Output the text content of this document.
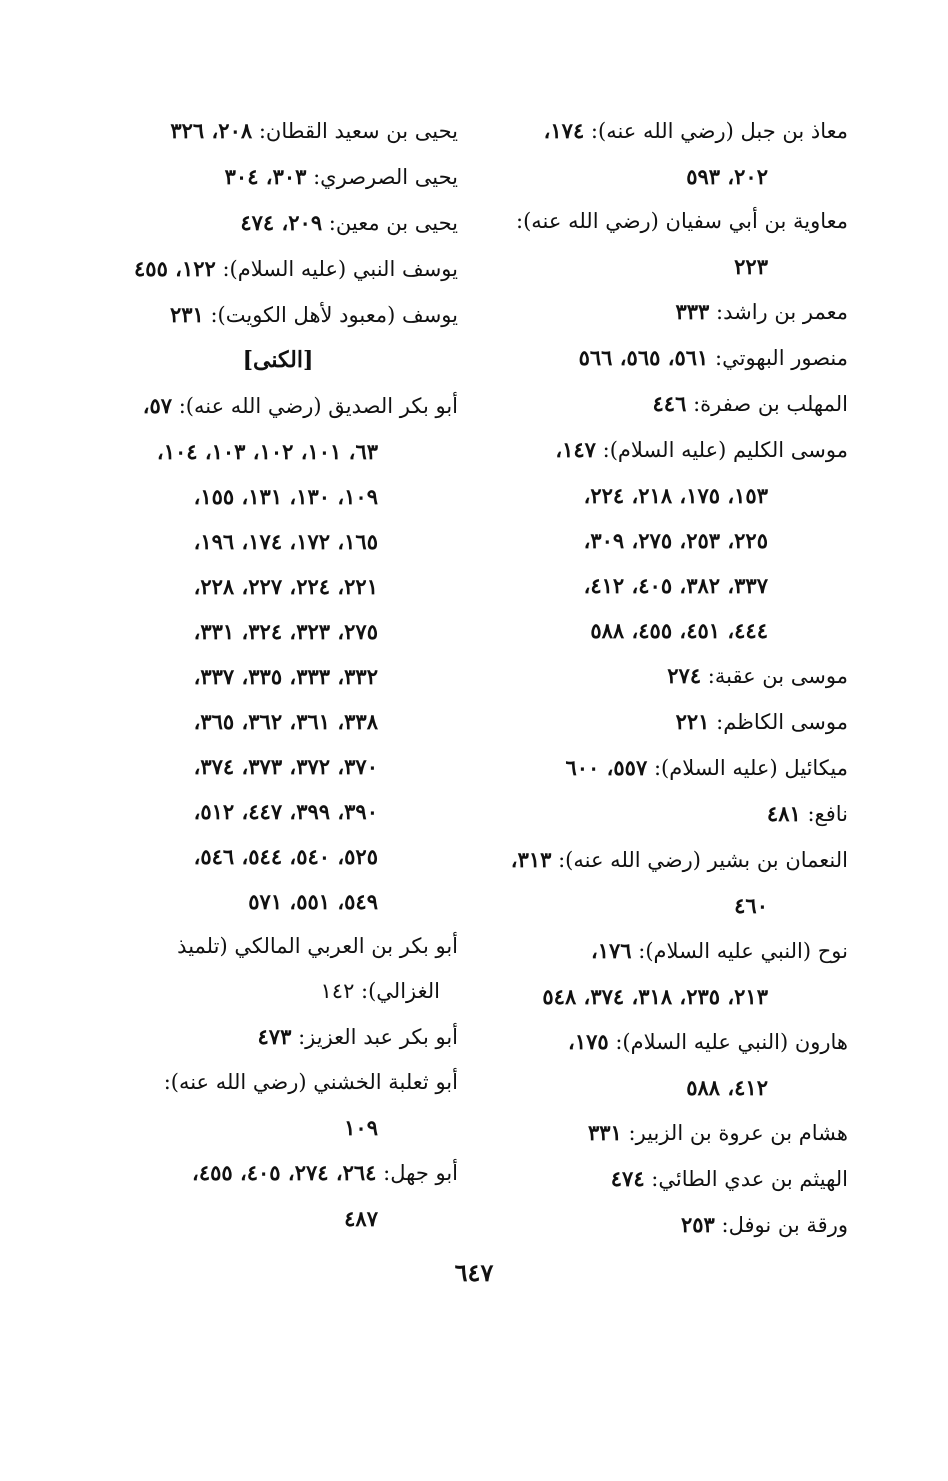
معاذ بن جبل (رضي الله عنه): ١٧٤،
٢٠٢، ٥٩٣
معاوية بن أبي سفيان (رضي الله عنه):
٢٢٣
معمر بن راشد: ٣٣٣
منصور البهوتي: ٥٦١، ٥٦٥، ٥٦٦
المهلب بن صفرة: ٤٤٦
موسى الكليم (عليه السلام): ١٤٧،
١٥٣، ١٧٥، ٢١٨، ٢٢٤،
٢٢٥، ٢٥٣، ٢٧٥، ٣٠٩،
٣٣٧، ٣٨٢، ٤٠٥، ٤١٢،
٤٤٤، ٤٥١، ٤٥٥، ٥٨٨
موسى بن عقبة: ٢٧٤
موسى الكاظم: ٢٢١
ميكائيل (عليه السلام): ٥٥٧، ٦٠٠
نافع: ٤٨١
النعمان بن بشير (رضي الله عنه): ٣١٣،
٤٦٠
نوح (النبي عليه السلام): ١٧٦،
٢١٣، ٢٣٥، ٣١٨، ٣٧٤، ٥٤٨
هارون (النبي عليه السلام): ١٧٥،
٤١٢، ٥٨٨
هشام بن عروة بن الزبير: ٣٣١
الهيثم بن عدي الطائي: ٤٧٤
ورقة بن نوفل: ٢٥٣
يحيى بن سعيد القطان: ٢٠٨، ٣٢٦
يحيى الصرصري: ٣٠٣، ٣٠٤
يحيى بن معين: ٢٠٩، ٤٧٤
يوسف النبي (عليه السلام): ١٢٢، ٤٥٥
يوسف (معبود لأهل الكويت): ٢٣١
[الكنى]
أبو بكر الصديق (رضي الله عنه): ٥٧،
٦٣، ١٠١، ١٠٢، ١٠٣، ١٠٤،
١٠٩، ١٣٠، ١٣١، ١٥٥،
١٦٥، ١٧٢، ١٧٤، ١٩٦،
٢٢١، ٢٢٤، ٢٢٧، ٢٢٨،
٢٧٥، ٣٢٣، ٣٢٤، ٣٣١،
٣٣٢، ٣٣٣، ٣٣٥، ٣٣٧،
٣٣٨، ٣٦١، ٣٦٢، ٣٦٥،
٣٧٠، ٣٧٢، ٣٧٣، ٣٧٤،
٣٩٠، ٣٩٩، ٤٤٧، ٥١٢،
٥٢٥، ٥٤٠، ٥٤٤، ٥٤٦،
٥٤٩، ٥٥١، ٥٧١
أبو بكر بن العربي المالكي (تلميذ
الغزالي): ١٤٢
أبو بكر عبد العزيز: ٤٧٣
أبو ثعلبة الخشني (رضي الله عنه):
١٠٩
أبو جهل: ٢٦٤، ٢٧٤، ٤٠٥، ٤٥٥،
٤٨٧
٦٤٧
